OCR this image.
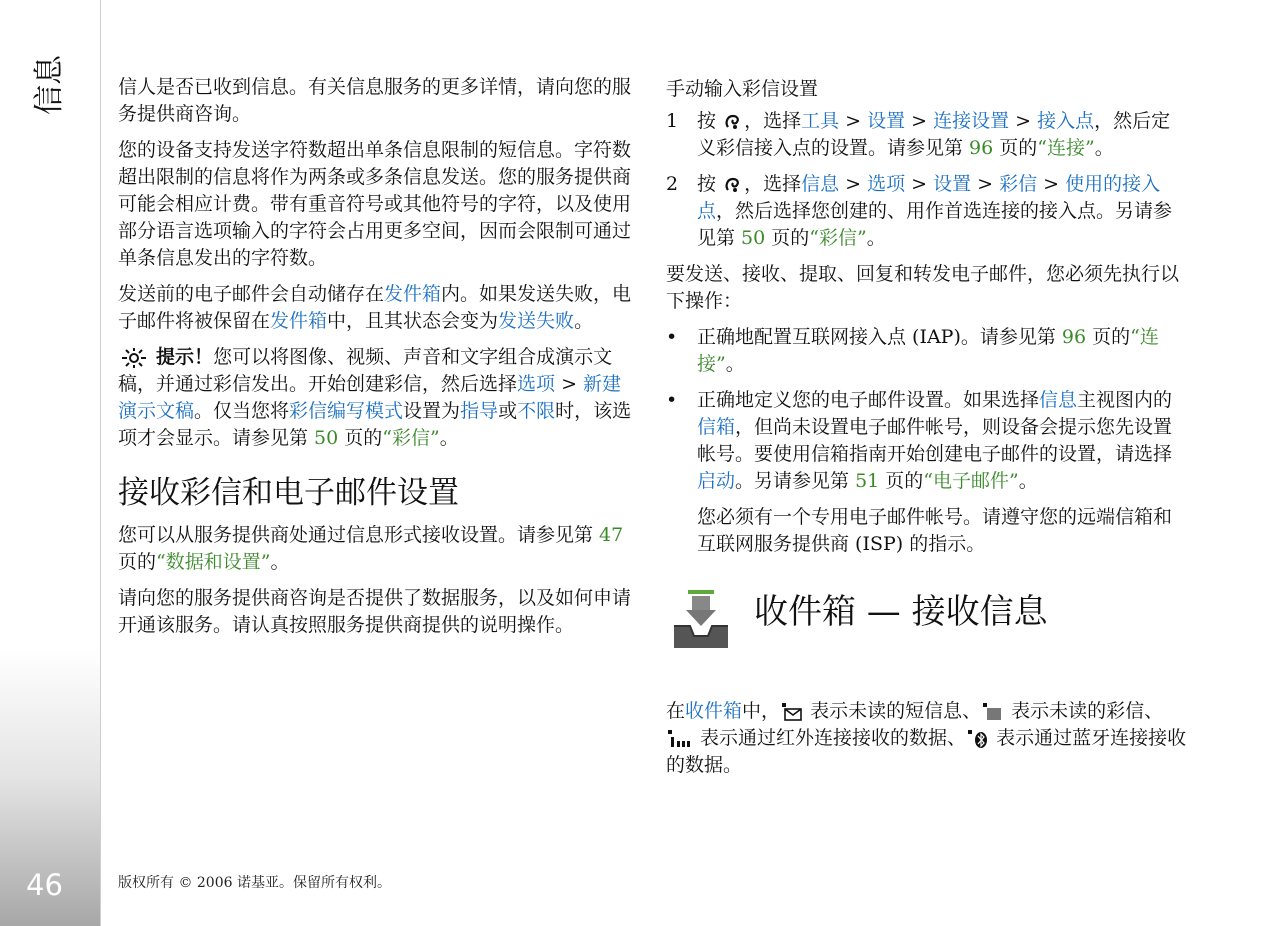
信息
46

信人是否已收到信息。有关信息服务的更多详情，请向您的服务提供商咨询。

您的设备支持发送字符数超出单条信息限制的短信息。字符数超出限制的信息将作为两条或多条信息发送。您的服务提供商可能会相应计费。带有重音符号或其他符号的字符，以及使用部分语言选项输入的字符会占用更多空间，因而会限制可通过单条信息发出的字符数。

发送前的电子邮件会自动储存在发件箱内。如果发送失败，电子邮件将被保留在发件箱中，且其状态会变为发送失败。

提示！您可以将图像、视频、声音和文字组合成演示文稿，并通过彩信发出。开始创建彩信，然后选择选项 > 新建演示文稿。仅当您将彩信编写模式设置为指导或不限时，该选项才会显示。请参见第 50 页的“彩信”。

接收彩信和电子邮件设置

您可以从服务提供商处通过信息形式接收设置。请参见第 47 页的“数据和设置”。

请向您的服务提供商咨询是否提供了数据服务，以及如何申请开通该服务。请认真按照服务提供商提供的说明操作。

手动输入彩信设置
1 按 ，选择工具 > 设置 > 连接设置 > 接入点，然后定义彩信接入点的设置。请参见第 96 页的“连接”。
2 按 ，选择信息 > 选项 > 设置 > 彩信 > 使用的接入点，然后选择您创建的、用作首选连接的接入点。另请参见第 50 页的“彩信”。

要发送、接收、提取、回复和转发电子邮件，您必须先执行以下操作：

• 正确地配置互联网接入点 (IAP)。请参见第 96 页的“连接”。
• 正确地定义您的电子邮件设置。如果选择信息主视图内的信箱，但尚未设置电子邮件帐号，则设备会提示您先设置帐号。要使用信箱指南开始创建电子邮件的设置，请选择启动。另请参见第 51 页的“电子邮件”。

您必须有一个专用电子邮件帐号。请遵守您的远端信箱和互联网服务提供商 (ISP) 的指示。

收件箱 — 接收信息

在收件箱中， 表示未读的短信息、 表示未读的彩信、 表示通过红外连接接收的数据、 表示通过蓝牙连接接收的数据。

版权所有 © 2006 诺基亚。保留所有权利。
